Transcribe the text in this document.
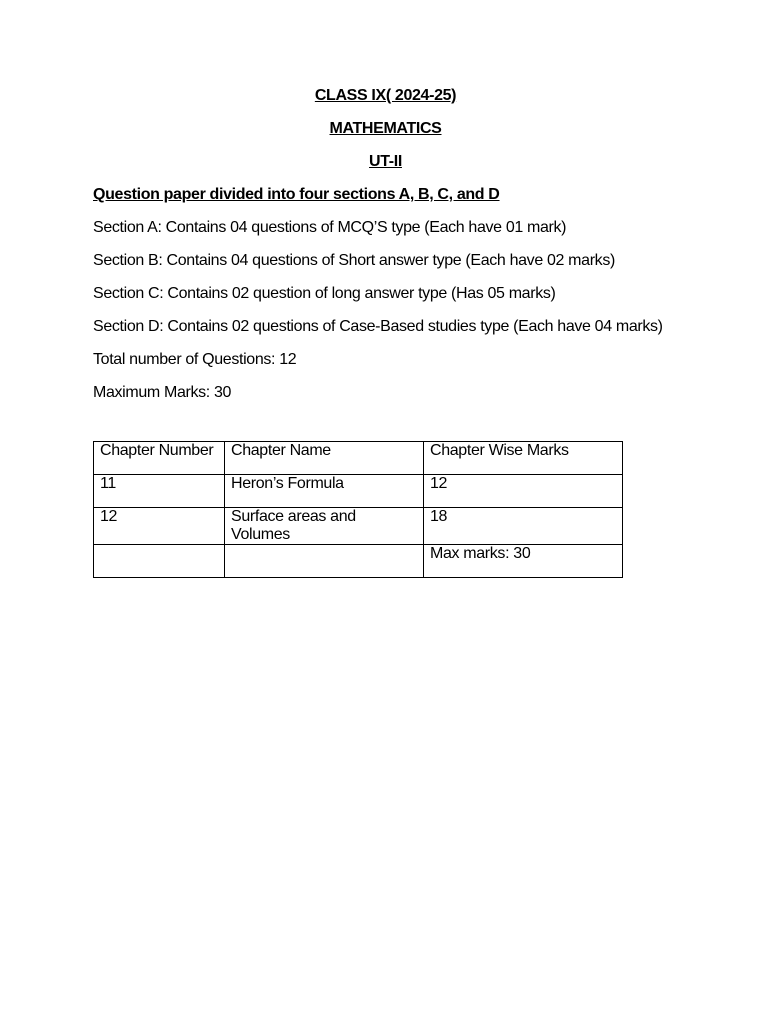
CLASS IX( 2024-25)

MATHEMATICS

UT-II

Question paper divided into four sections A, B, C, and D

Section A: Contains 04 questions of MCQ’S type (Each have 01 mark)

Section B: Contains 04 questions of Short answer type (Each have 02 marks)

Section C: Contains 02 question of long answer type (Has 05 marks)

Section D: Contains 02 questions of Case-Based studies type (Each have 04 marks)

Total number of Questions: 12

Maximum Marks: 30

Chapter Number	Chapter Name	Chapter Wise Marks
11	Heron’s Formula	12
12	Surface areas and Volumes	18
		Max marks: 30
